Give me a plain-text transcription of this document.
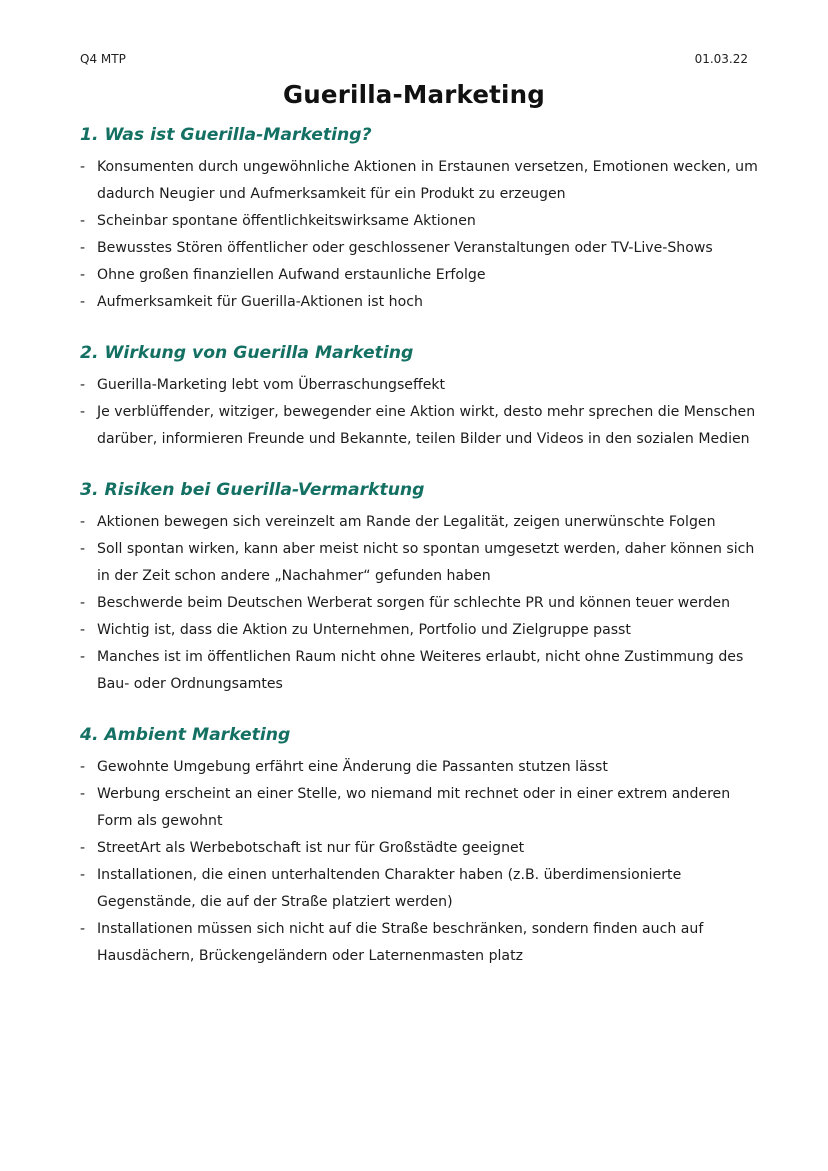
Q4 MTP	01.03.22
Guerilla-Marketing
1. Was ist Guerilla-Marketing?
- Konsumenten durch ungewöhnliche Aktionen in Erstaunen versetzen, Emotionen wecken, um dadurch Neugier und Aufmerksamkeit für ein Produkt zu erzeugen
- Scheinbar spontane öffentlichkeitswirksame Aktionen
- Bewusstes Stören öffentlicher oder geschlossener Veranstaltungen oder TV-Live-Shows
- Ohne großen finanziellen Aufwand erstaunliche Erfolge
- Aufmerksamkeit für Guerilla-Aktionen ist hoch
2. Wirkung von Guerilla Marketing
- Guerilla-Marketing lebt vom Überraschungseffekt
- Je verblüffender, witziger, bewegender eine Aktion wirkt, desto mehr sprechen die Menschen darüber, informieren Freunde und Bekannte, teilen Bilder und Videos in den sozialen Medien
3. Risiken bei Guerilla-Vermarktung
- Aktionen bewegen sich vereinzelt am Rande der Legalität, zeigen unerwünschte Folgen
- Soll spontan wirken, kann aber meist nicht so spontan umgesetzt werden, daher können sich in der Zeit schon andere „Nachahmer“ gefunden haben
- Beschwerde beim Deutschen Werberat sorgen für schlechte PR und können teuer werden
- Wichtig ist, dass die Aktion zu Unternehmen, Portfolio und Zielgruppe passt
- Manches ist im öffentlichen Raum nicht ohne Weiteres erlaubt, nicht ohne Zustimmung des Bau- oder Ordnungsamtes
4. Ambient Marketing
- Gewohnte Umgebung erfährt eine Änderung die Passanten stutzen lässt
- Werbung erscheint an einer Stelle, wo niemand mit rechnet oder in einer extrem anderen Form als gewohnt
- StreetArt als Werbebotschaft ist nur für Großstädte geeignet
- Installationen, die einen unterhaltenden Charakter haben (z.B. überdimensionierte Gegenstände, die auf der Straße platziert werden)
- Installationen müssen sich nicht auf die Straße beschränken, sondern finden auch auf Hausdächern, Brückengeländern oder Laternenmasten platz
